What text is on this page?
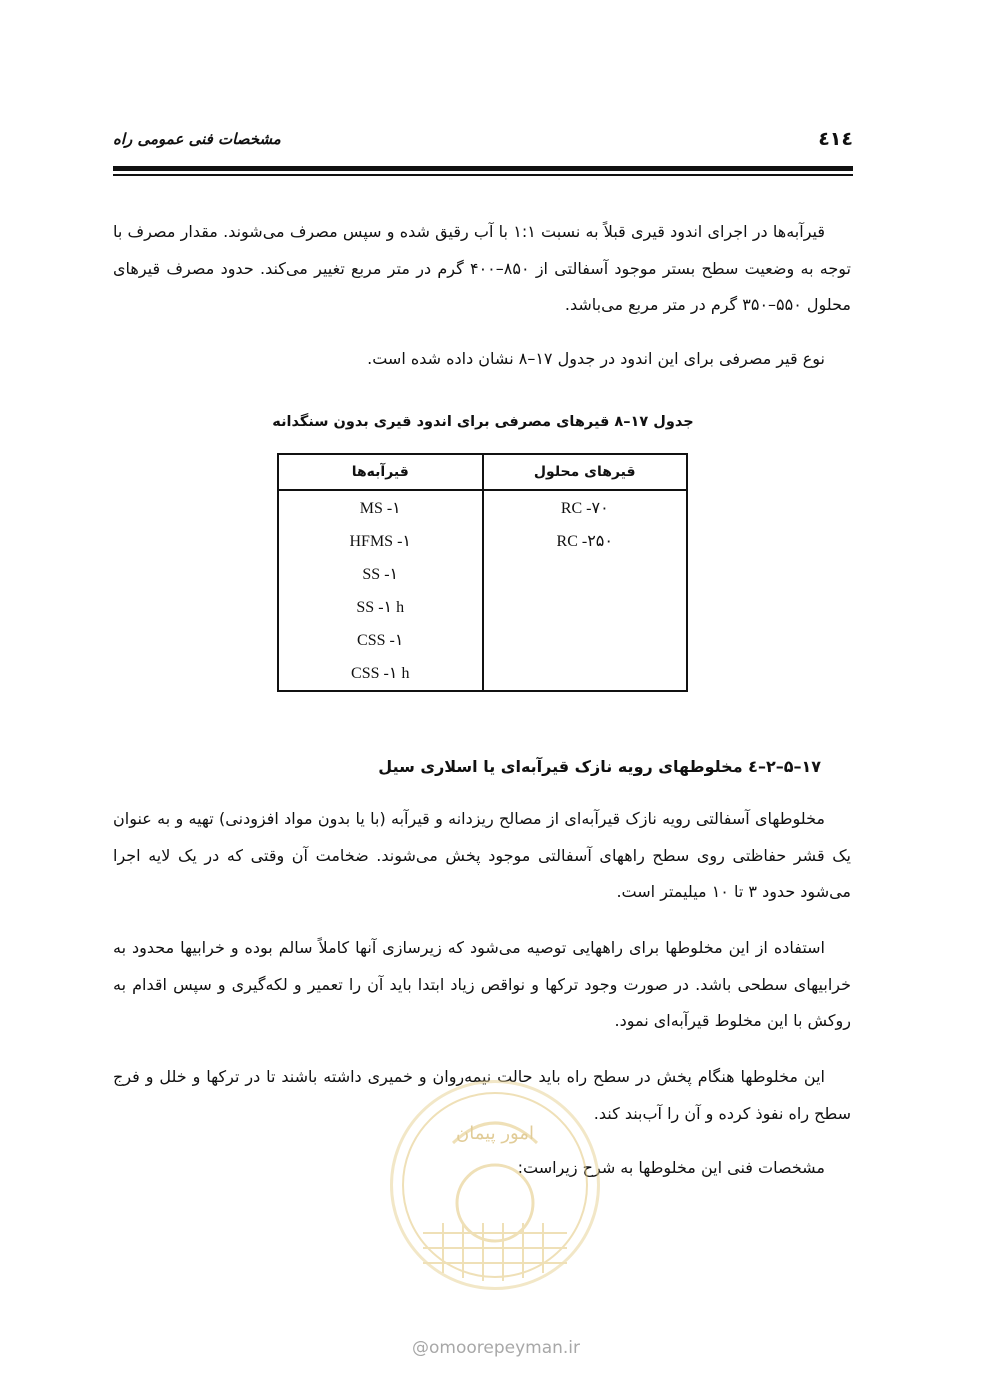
مشخصات فنی عمومی راه	٤١٤

قیرآبه‌ها در اجرای اندود قیری قبلاً به نسبت ۱:۱ با آب رقیق شده و سپس مصرف می‌شوند. مقدار مصرف با توجه به وضعیت سطح بستر موجود آسفالتی از ۸۵۰–۴۰۰ گرم در متر مربع تغییر می‌کند. حدود مصرف قیرهای محلول ۵۵۰–۳۵۰ گرم در متر مربع می‌باشد.

نوع قیر مصرفی برای این اندود در جدول ۱۷–۸ نشان داده شده است.

جدول ۱۷–۸ قیرهای مصرفی برای اندود قیری بدون سنگدانه
قیرهای محلول	قیرآبه‌ها
RC -۷۰	MS -۱
RC -۲۵۰	HFMS -۱
	SS -۱
	SS -۱ h
	CSS -۱
	CSS -۱ h
۱۷–۵–۲–٤ مخلوطهای رویه نازک قیرآبه‌ای یا اسلاری سیل

مخلوطهای آسفالتی رویه نازک قیرآبه‌ای از مصالح ریزدانه و قیرآبه (با یا بدون مواد افزودنی) تهیه و به عنوان یک قشر حفاظتی روی سطح راههای آسفالتی موجود پخش می‌شوند. ضخامت آن وقتی که در یک لایه اجرا می‌شود حدود ۳ تا ۱۰ میلیمتر است.

استفاده از این مخلوطها برای راههایی توصیه می‌شود که زیرسازی آنها کاملاً سالم بوده و خرابیها محدود به خرابیهای سطحی باشد. در صورت وجود ترکها و نواقص زیاد ابتدا باید آن را تعمیر و لکه‌گیری و سپس اقدام به روکش با این مخلوط قیرآبه‌ای نمود.

این مخلوطها هنگام پخش در سطح راه باید حالت نیمه‌روان و خمیری داشته باشند تا در ترکها و خلل و فرج سطح راه نفوذ کرده و آن را آب‌بند کند.

مشخصات فنی این مخلوطها به شرح زیراست:

امور پیمان
@omoorepeyman.ir
